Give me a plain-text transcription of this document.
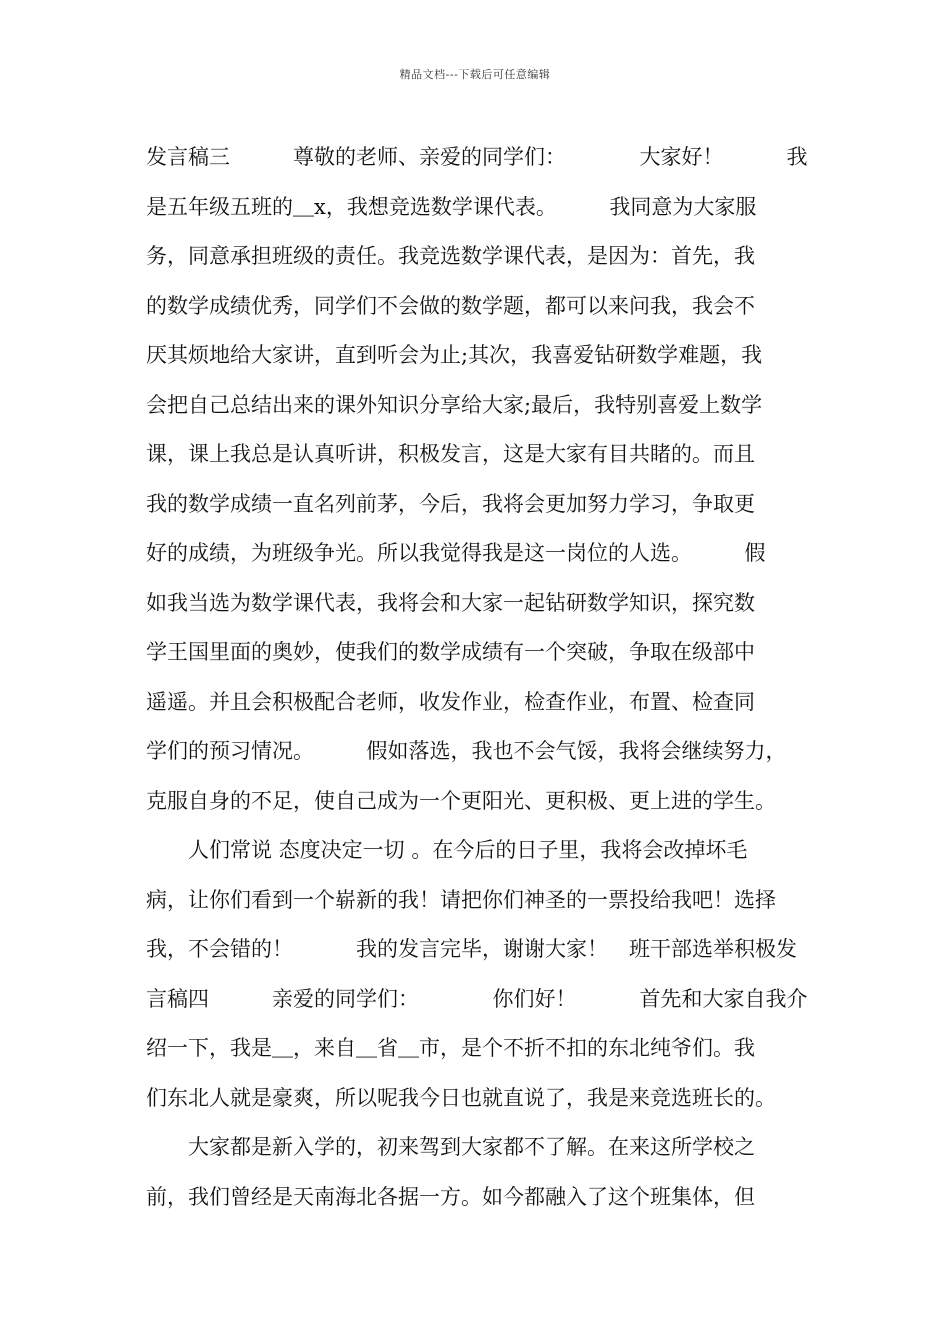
精品文档---下载后可任意编辑
发言稿三　　　尊敬的老师、亲爱的同学们：　　　　大家好！　　　我
是五年级五班的＿x，我想竞选数学课代表。　　　我同意为大家服
务，同意承担班级的责任。我竞选数学课代表，是因为：首先，我
的数学成绩优秀，同学们不会做的数学题，都可以来问我，我会不
厌其烦地给大家讲，直到听会为止;其次，我喜爱钻研数学难题，我
会把自己总结出来的课外知识分享给大家;最后，我特别喜爱上数学
课，课上我总是认真听讲，积极发言，这是大家有目共睹的。而且
我的数学成绩一直名列前茅，今后，我将会更加努力学习，争取更
好的成绩，为班级争光。所以我觉得我是这一岗位的人选。　　　假
如我当选为数学课代表，我将会和大家一起钻研数学知识，探究数
学王国里面的奥妙，使我们的数学成绩有一个突破，争取在级部中
遥遥。并且会积极配合老师，收发作业，检查作业，布置、检查同
学们的预习情况。　　　假如落选，我也不会气馁，我将会继续努力，
克服自身的不足，使自己成为一个更阳光、更积极、更上进的学生。
　　人们常说 态度决定一切 。在今后的日子里，我将会改掉坏毛
病，让你们看到一个崭新的我！请把你们神圣的一票投给我吧！选择
我，不会错的！　　　我的发言完毕，谢谢大家！　班干部选举积极发
言稿四　　　亲爱的同学们：　　　　你们好！　　　首先和大家自我介
绍一下，我是＿，来自＿省＿市，是个不折不扣的东北纯爷们。我
们东北人就是豪爽，所以呢我今日也就直说了，我是来竞选班长的。
　　大家都是新入学的，初来驾到大家都不了解。在来这所学校之
前，我们曾经是天南海北各据一方。如今都融入了这个班集体，但
